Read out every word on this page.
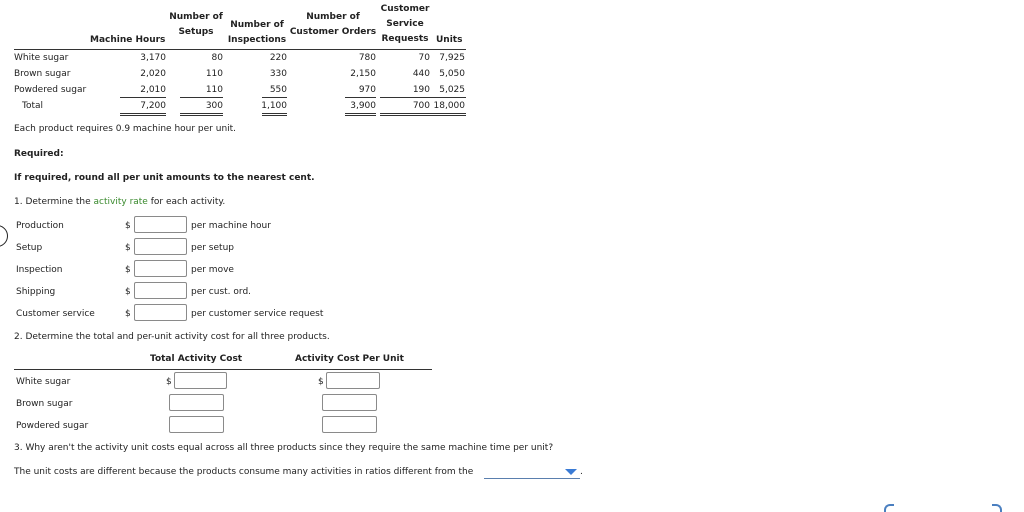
Machine Hours
Number of
Setups
Number of
Inspections
Number of
Customer Orders
Customer
Service
Requests Units
White sugar	3,170	80	220	780	70	7,925
Brown sugar	2,020	110	330	2,150	440	5,050
Powdered sugar	2,010	110	550	970	190	5,025
Total	7,200	300	1,100	3,900	700 18,000
Each product requires 0.9 machine hour per unit.
Required:
If required, round all per unit amounts to the nearest cent.
1. Determine the activity rate for each activity.
Production	$	per machine hour
Setup	$	per setup
Inspection	$	per move
Shipping	$	per cust. ord.
Customer service	$	per customer service request
2. Determine the total and per-unit activity cost for all three products.
Total Activity Cost	Activity Cost Per Unit
White sugar	$	$
Brown sugar
Powdered sugar
3. Why aren't the activity unit costs equal across all three products since they require the same machine time per unit?
The unit costs are different because the products consume many activities in ratios different from the	.
